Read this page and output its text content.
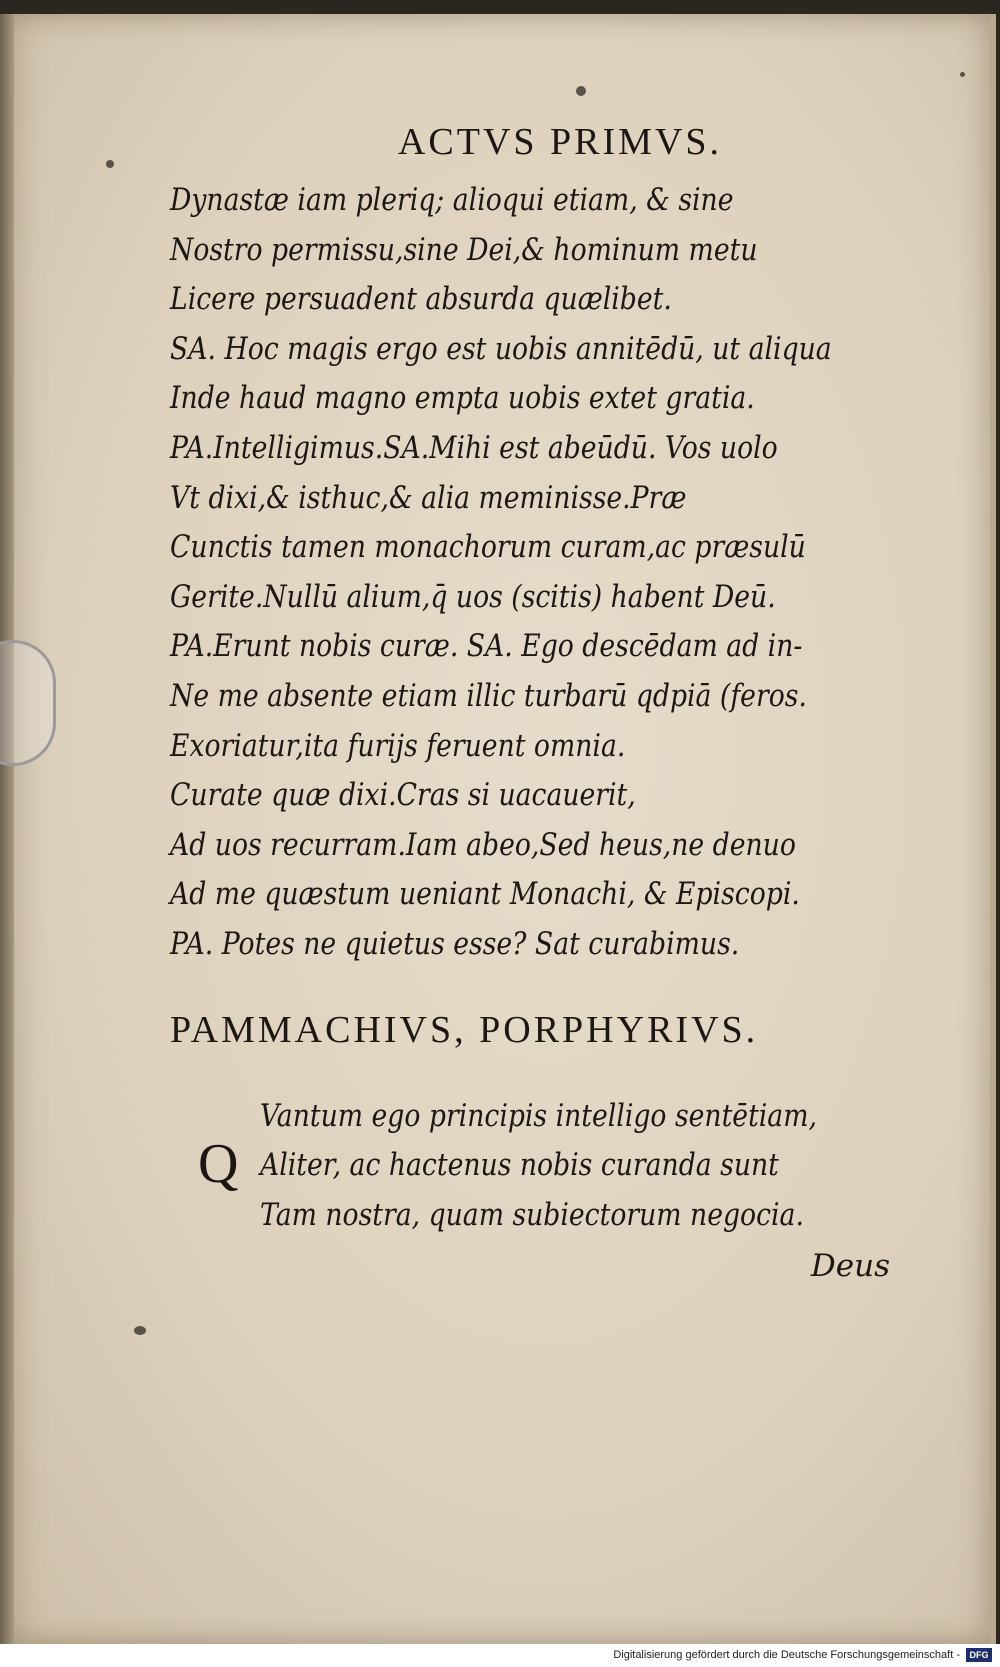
ACTVS PRIMVS.
Dynastæ iam pleriq; alioqui etiam, & sine
Nostro permissu,sine Dei,& hominum metu
Licere persuadent absurda quælibet.
SA. Hoc magis ergo est uobis annitēdū, ut aliqua
Inde haud magno empta uobis extet gratia.
PA.Intelligimus.SA.Mihi est abeūdū. Vos uolo
Vt dixi,& isthuc,& alia meminisse.Præ
Cunctis tamen monachorum curam,ac præsulū
Gerite.Nullū alium,q̄ uos (scitis) habent Deū.
PA.Erunt nobis curæ. SA. Ego descēdam ad in-
Ne me absente etiam illic turbarū qdpiā (feros.
Exoriatur,ita furijs feruent omnia.
Curate quæ dixi.Cras si uacauerit,
Ad uos recurram.Iam abeo,Sed heus,ne denuo
Ad me quæstum ueniant Monachi, & Episcopi.
PA. Potes ne quietus esse? Sat curabimus.
PAMMACHIVS, PORPHYRIVS.
Q
Vantum ego principis intelligo sentētiam,
Aliter, ac hactenus nobis curanda sunt
Tam nostra, quam subiectorum negocia.
Deus
Digitalisierung gefördert durch die Deutsche Forschungsgemeinschaft - DFG
